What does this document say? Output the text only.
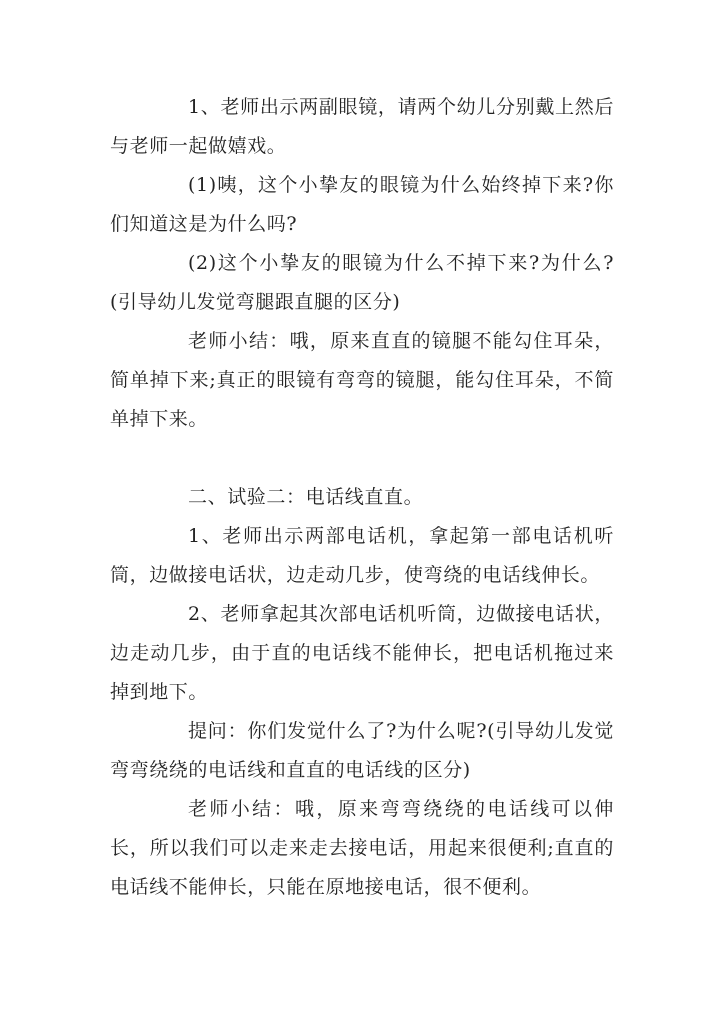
1、老师出示两副眼镜，请两个幼儿分别戴上然后与老师一起做嬉戏。

(1)咦，这个小挚友的眼镜为什么始终掉下来?你们知道这是为什么吗?

(2)这个小挚友的眼镜为什么不掉下来?为什么?(引导幼儿发觉弯腿跟直腿的区分)

老师小结：哦，原来直直的镜腿不能勾住耳朵，简单掉下来;真正的眼镜有弯弯的镜腿，能勾住耳朵，不简单掉下来。

二、试验二：电话线直直。

1、老师出示两部电话机，拿起第一部电话机听筒，边做接电话状，边走动几步，使弯绕的电话线伸长。

2、老师拿起其次部电话机听筒，边做接电话状，边走动几步，由于直的电话线不能伸长，把电话机拖过来掉到地下。

提问：你们发觉什么了?为什么呢?(引导幼儿发觉弯弯绕绕的电话线和直直的电话线的区分)

老师小结：哦，原来弯弯绕绕的电话线可以伸长，所以我们可以走来走去接电话，用起来很便利;直直的电话线不能伸长，只能在原地接电话，很不便利。
